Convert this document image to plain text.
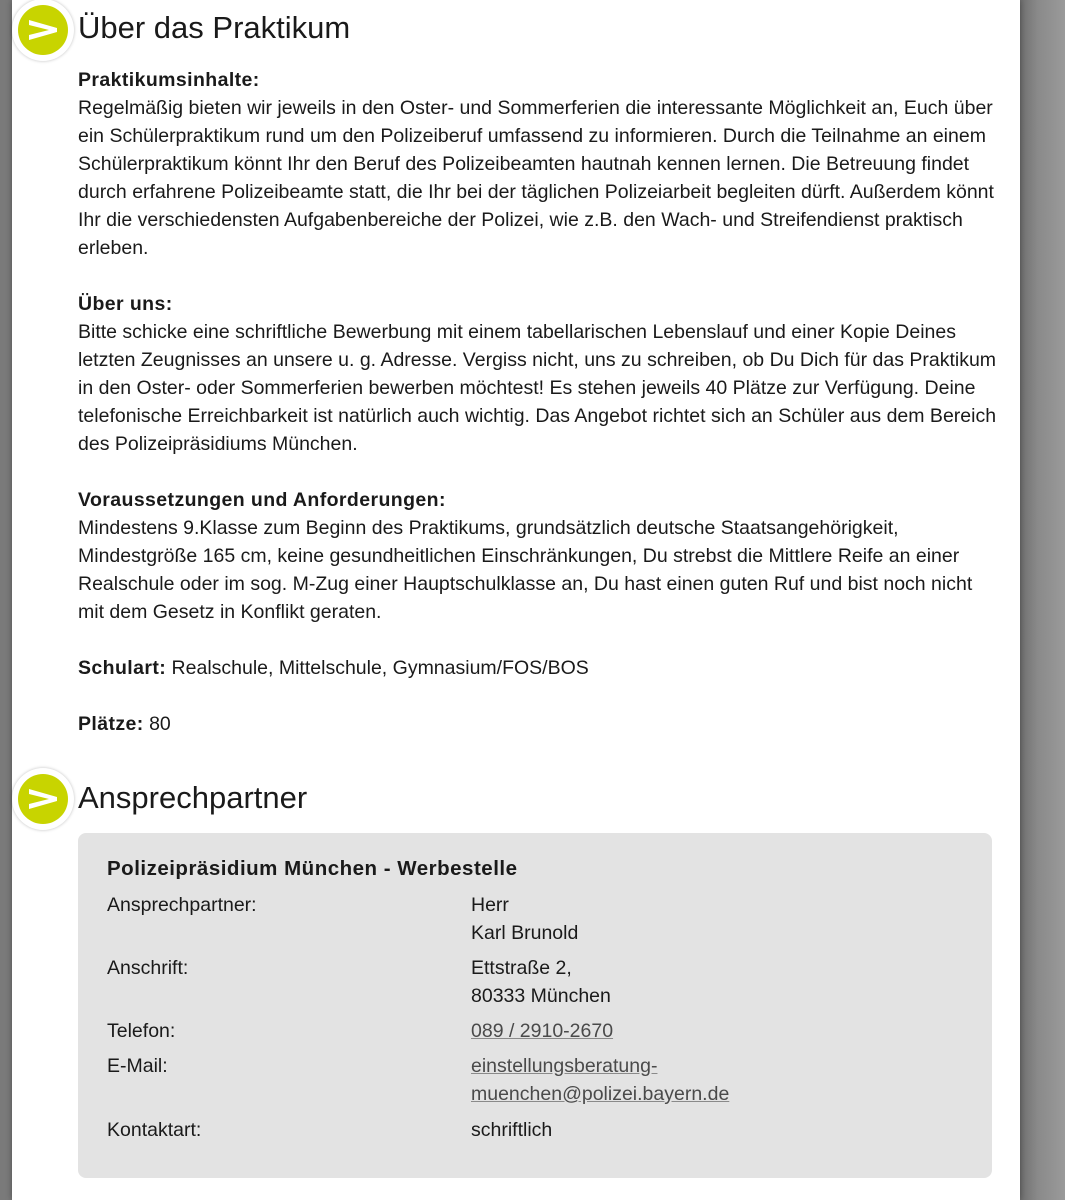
Über das Praktikum
Praktikumsinhalte:
Regelmäßig bieten wir jeweils in den Oster- und Sommerferien die interessante Möglichkeit an, Euch über ein Schülerpraktikum rund um den Polizeiberuf umfassend zu informieren. Durch die Teilnahme an einem Schülerpraktikum könnt Ihr den Beruf des Polizeibeamten hautnah kennen lernen. Die Betreuung findet durch erfahrene Polizeibeamte statt, die Ihr bei der täglichen Polizeiarbeit begleiten dürft. Außerdem könnt Ihr die verschiedensten Aufgabenbereiche der Polizei, wie z.B. den Wach- und Streifendienst praktisch erleben.
Über uns:
Bitte schicke eine schriftliche Bewerbung mit einem tabellarischen Lebenslauf und einer Kopie Deines letzten Zeugnisses an unsere u. g. Adresse. Vergiss nicht, uns zu schreiben, ob Du Dich für das Praktikum in den Oster- oder Sommerferien bewerben möchtest! Es stehen jeweils 40 Plätze zur Verfügung. Deine telefonische Erreichbarkeit ist natürlich auch wichtig. Das Angebot richtet sich an Schüler aus dem Bereich des Polizeipräsidiums München.
Voraussetzungen und Anforderungen:
Mindestens 9.Klasse zum Beginn des Praktikums, grundsätzlich deutsche Staatsangehörigkeit, Mindestgröße 165 cm, keine gesundheitlichen Einschränkungen, Du strebst die Mittlere Reife an einer Realschule oder im sog. M-Zug einer Hauptschulklasse an, Du hast einen guten Ruf und bist noch nicht mit dem Gesetz in Konflikt geraten.
Schulart: Realschule, Mittelschule, Gymnasium/FOS/BOS
Plätze: 80
Ansprechpartner
Polizeipräsidium München - Werbestelle
Ansprechpartner:	Herr
Karl Brunold
Anschrift:	Ettstraße 2,
80333 München
Telefon:	089 / 2910-2670
E-Mail:	einstellungsberatung-
muenchen@polizei.bayern.de
Kontaktart:	schriftlich
